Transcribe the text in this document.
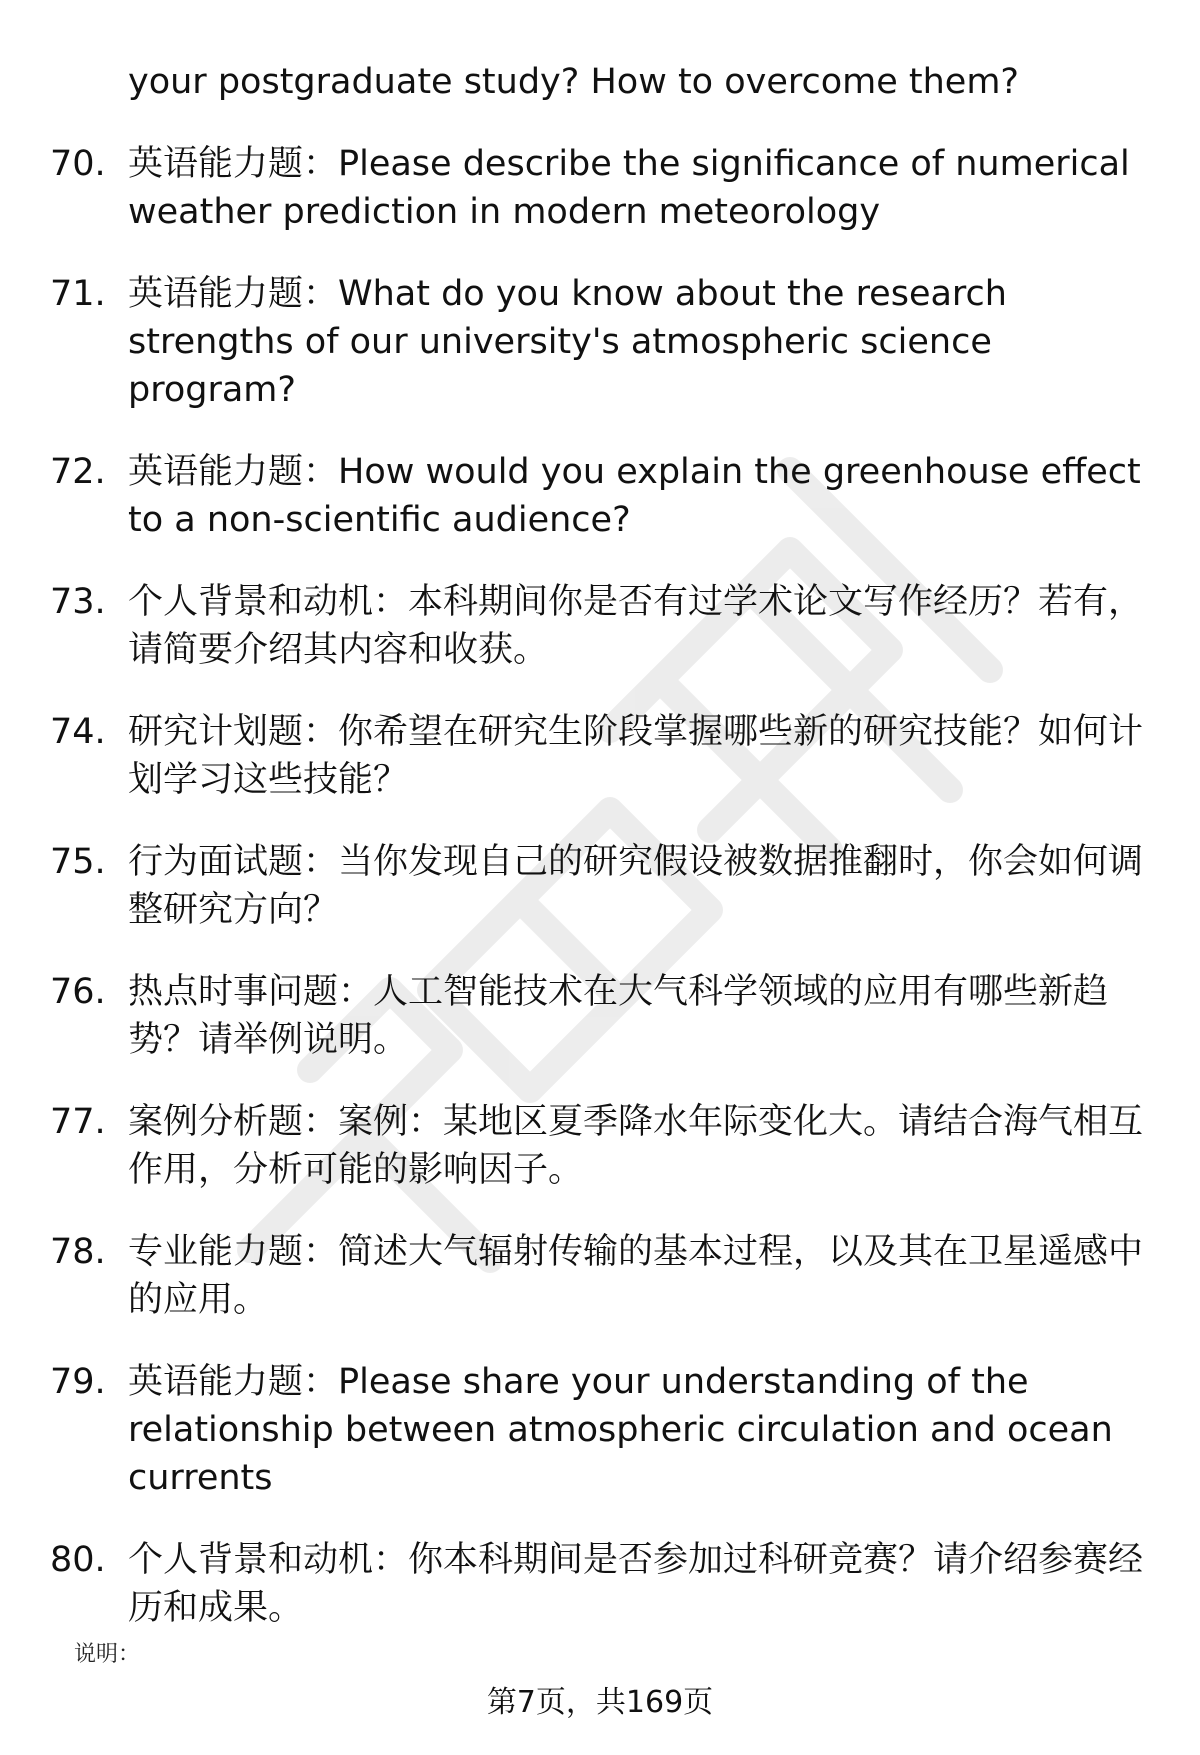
your postgraduate study? How to overcome them?
70. 英语能力题：Please describe the significance of numerical weather prediction in modern meteorology
71. 英语能力题：What do you know about the research strengths of our university's atmospheric science program?
72. 英语能力题：How would you explain the greenhouse effect to a non-scientific audience?
73. 个人背景和动机：本科期间你是否有过学术论文写作经历？若有，请简要介绍其内容和收获。
74. 研究计划题：你希望在研究生阶段掌握哪些新的研究技能？如何计划学习这些技能？
75. 行为面试题：当你发现自己的研究假设被数据推翻时，你会如何调整研究方向？
76. 热点时事问题：人工智能技术在大气科学领域的应用有哪些新趋势？请举例说明。
77. 案例分析题：案例：某地区夏季降水年际变化大。请结合海气相互作用，分析可能的影响因子。
78. 专业能力题：简述大气辐射传输的基本过程，以及其在卫星遥感中的应用。
79. 英语能力题：Please share your understanding of the relationship between atmospheric circulation and ocean currents
80. 个人背景和动机：你本科期间是否参加过科研竞赛？请介绍参赛经历和成果。
说明：
第7页，共169页
